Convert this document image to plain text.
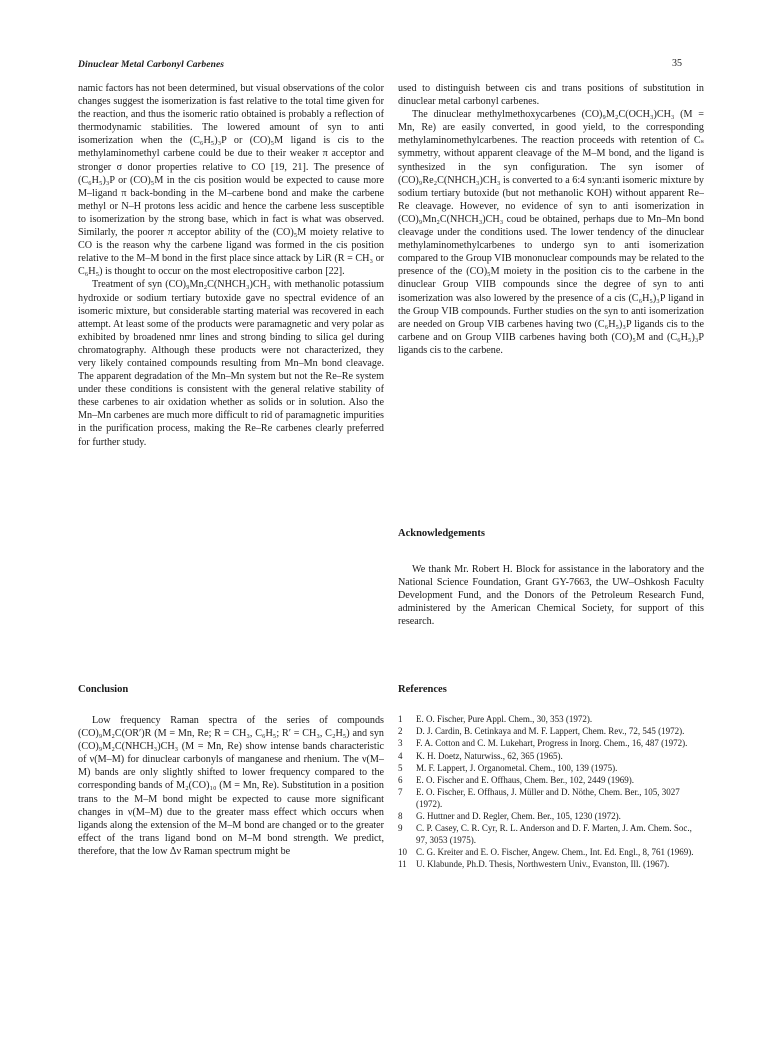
Dinuclear Metal Carbonyl Carbenes	35

namic factors has not been determined, but visual observations of the color changes suggest the isomerization is fast relative to the total time given for the reaction, and thus the isomeric ratio obtained is probably a reflection of thermodynamic stabilities. The lowered amount of syn to anti isomerization when the (C₆H₅)₃P or (CO)₅M ligand is cis to the methylaminomethyl carbene could be due to their weaker π acceptor and stronger σ donor properties relative to CO [19, 21]. The presence of (C₆H₅)₃P or (CO)₅M in the cis position would be expected to cause more M–ligand π back-bonding in the M–carbene bond and make the carbene methyl or N–H protons less acidic and hence the carbene less susceptible to isomerization by the strong base, which in fact is what was observed. Similarly, the poorer π acceptor ability of the (CO)₅M moiety relative to CO is the reason why the carbene ligand was formed in the cis position relative to the M–M bond in the first place since attack by LiR (R = CH₃ or C₆H₅) is thought to occur on the most electropositive carbon [22].

Treatment of syn (CO)₉Mn₂C(NHCH₃)CH₃ with methanolic potassium hydroxide or sodium tertiary butoxide gave no spectral evidence of an isomeric mixture, but considerable starting material was recovered in each attempt. At least some of the products were paramagnetic and very polar as exhibited by broadened nmr lines and strong binding to silica gel during chromatography. Although these products were not characterized, they very likely contained compounds resulting from Mn–Mn bond cleavage. The apparent degradation of the Mn–Mn system but not the Re–Re system under these conditions is consistent with the general relative stability of these carbenes to air oxidation whether as solids or in solution. Also the Mn–Mn carbenes are much more difficult to rid of paramagnetic impurities in the purification process, making the Re–Re carbenes clearly preferred for further study.

used to distinguish between cis and trans positions of substitution in dinuclear metal carbonyl carbenes.

The dinuclear methylmethoxycarbenes (CO)₉M₂C(OCH₃)CH₃ (M = Mn, Re) are easily converted, in good yield, to the corresponding methylaminomethylcarbenes. The reaction proceeds with retention of Cₛ symmetry, without apparent cleavage of the M–M bond, and the ligand is synthesized in the syn configuration. The syn isomer of (CO)₉Re₂C(NHCH₃)CH₃ is converted to a 6:4 syn:anti isomeric mixture by sodium tertiary butoxide (but not methanolic KOH) without apparent Re–Re cleavage. However, no evidence of syn to anti isomerization in (CO)₉Mn₂C(NHCH₃)CH₃ coud be obtained, perhaps due to Mn–Mn bond cleavage under the conditions used. The lower tendency of the dinuclear methylaminomethylcarbenes to undergo syn to anti isomerization compared to the Group VIB mononuclear compounds may be related to the presence of the (CO)₅M moiety in the position cis to the carbene in the dinuclear Group VIIB compounds since the degree of syn to anti isomerization was also lowered by the presence of a cis (C₆H₅)₃P ligand in the Group VIB compounds. Further studies on the syn to anti isomerization are needed on Group VIB carbenes having two (C₆H₅)₃P ligands cis to the carbene and on Group VIIB carbenes having both (CO)₅M and (C₆H₅)₃P ligands cis to the carbene.

Acknowledgements

We thank Mr. Robert H. Block for assistance in the laboratory and the National Science Foundation, Grant GY-7663, the UW–Oshkosh Faculty Development Fund, and the Donors of the Petroleum Research Fund, administered by the American Chemical Society, for support of this research.

Conclusion

Low frequency Raman spectra of the series of compounds (CO)₉M₂C(OR′)R (M = Mn, Re; R = CH₃, C₆H₅; R′ = CH₃, C₂H₅) and syn (CO)₉M₂C(NHCH₃)CH₃ (M = Mn, Re) show intense bands characteristic of ν(M–M) for dinuclear carbonyls of manganese and rhenium. The ν(M–M) bands are only slightly shifted to lower frequency compared to the corresponding bands of M₂(CO)₁₀ (M = Mn, Re). Substitution in a position trans to the M–M bond might be expected to cause more significant changes in ν(M–M) due to the greater mass effect which occurs when ligands along the extension of the M–M bond are changed or to the greater effect of the trans ligand bond on M–M bond strength. We predict, therefore, that the low Δν Raman spectrum might be

References
1	E. O. Fischer, Pure Appl. Chem., 30, 353 (1972).
2	D. J. Cardin, B. Cetinkaya and M. F. Lappert, Chem. Rev., 72, 545 (1972).
3	F. A. Cotton and C. M. Lukehart, Progress in Inorg. Chem., 16, 487 (1972).
4	K. H. Doetz, Naturwiss., 62, 365 (1965).
5	M. F. Lappert, J. Organometal. Chem., 100, 139 (1975).
6	E. O. Fischer and E. Offhaus, Chem. Ber., 102, 2449 (1969).
7	E. O. Fischer, E. Offhaus, J. Müller and D. Nöthe, Chem. Ber., 105, 3027 (1972).
8	G. Huttner and D. Regler, Chem. Ber., 105, 1230 (1972).
9	C. P. Casey, C. R. Cyr, R. L. Anderson and D. F. Marten, J. Am. Chem. Soc., 97, 3053 (1975).
10	C. G. Kreiter and E. O. Fischer, Angew. Chem., Int. Ed. Engl., 8, 761 (1969).
11	U. Klabunde, Ph.D. Thesis, Northwestern Univ., Evanston, Ill. (1967).
